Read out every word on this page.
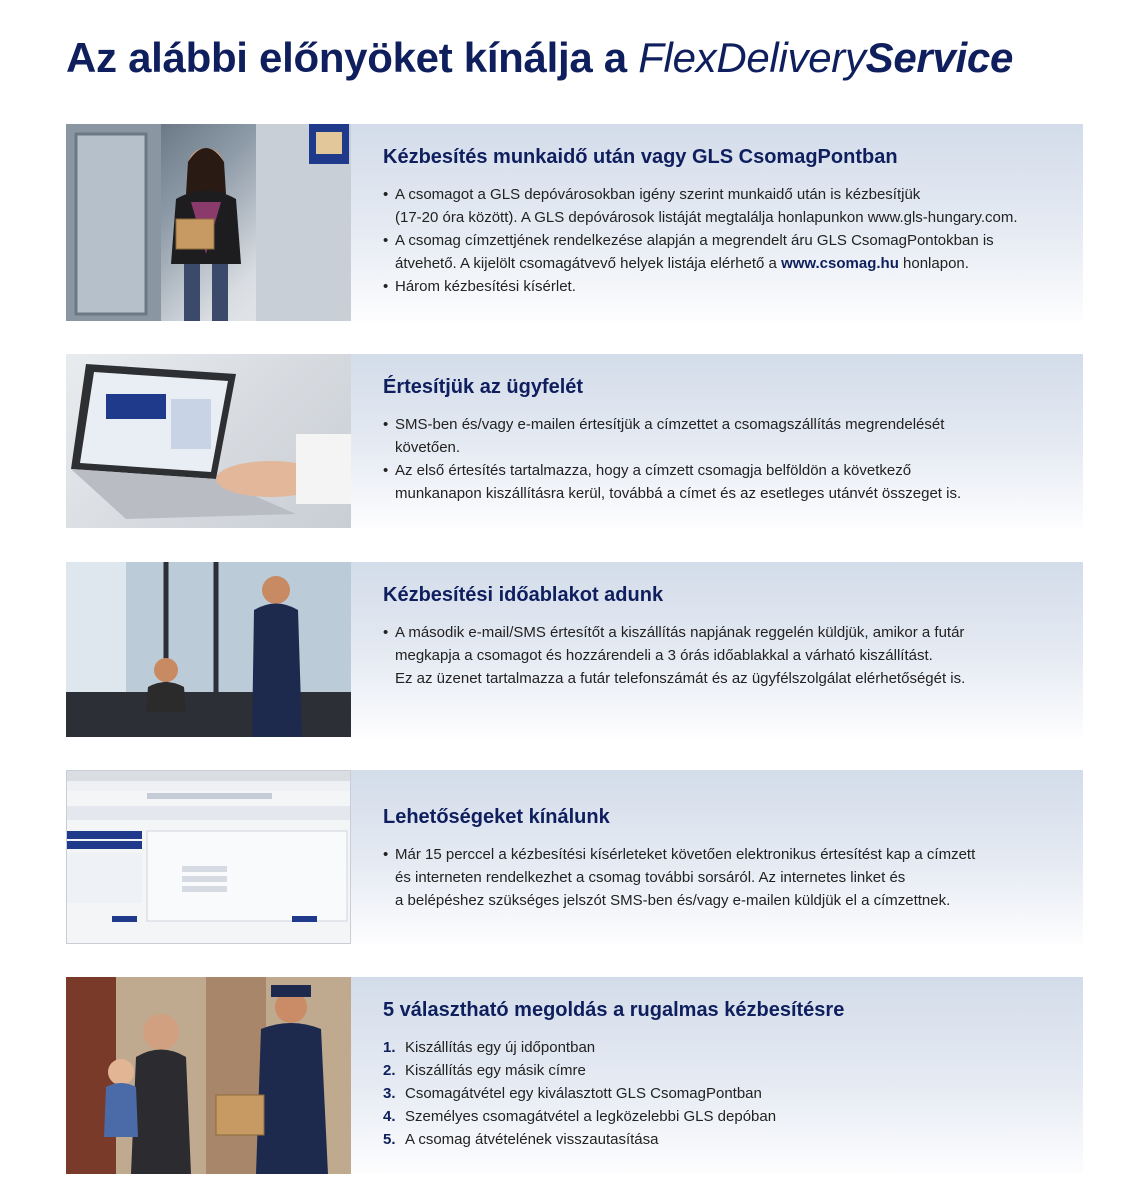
Az alábbi előnyöket kínálja a FlexDeliveryService
Kézbesítés munkaidő után vagy GLS CsomagPontban
• A csomagot a GLS depóvárosokban igény szerint munkaidő után is kézbesítjük
(17-20 óra között). A GLS depóvárosok listáját megtalálja honlapunkon www.gls-hungary.com.
• A csomag címzettjének rendelkezése alapján a megrendelt áru GLS CsomagPontokban is
átvehető. A kijelölt csomagátvevő helyek listája elérhető a www.csomag.hu honlapon.
• Három kézbesítési kísérlet.
Értesítjük az ügyfelét
• SMS-ben és/vagy e-mailen értesítjük a címzettet a csomagszállítás megrendelését
követően.
• Az első értesítés tartalmazza, hogy a címzett csomagja belföldön a következő
munkanapon kiszállításra kerül, továbbá a címet és az esetleges utánvét összeget is.
Kézbesítési időablakot adunk
• A második e-mail/SMS értesítőt a kiszállítás napjának reggelén küldjük, amikor a futár
megkapja a csomagot és hozzárendeli a 3 órás időablakkal a várható kiszállítást.
Ez az üzenet tartalmazza a futár telefonszámát és az ügyfélszolgálat elérhetőségét is.
Lehetőségeket kínálunk
• Már 15 perccel a kézbesítési kísérleteket követően elektronikus értesítést kap a címzett
és interneten rendelkezhet a csomag további sorsáról. Az internetes linket és
a belépéshez szükséges jelszót SMS-ben és/vagy e-mailen küldjük el a címzettnek.
5 választható megoldás a rugalmas kézbesítésre
1. Kiszállítás egy új időpontban
2. Kiszállítás egy másik címre
3. Csomagátvétel egy kiválasztott GLS CsomagPontban
4. Személyes csomagátvétel a legközelebbi GLS depóban
5. A csomag átvételének visszautasítása
